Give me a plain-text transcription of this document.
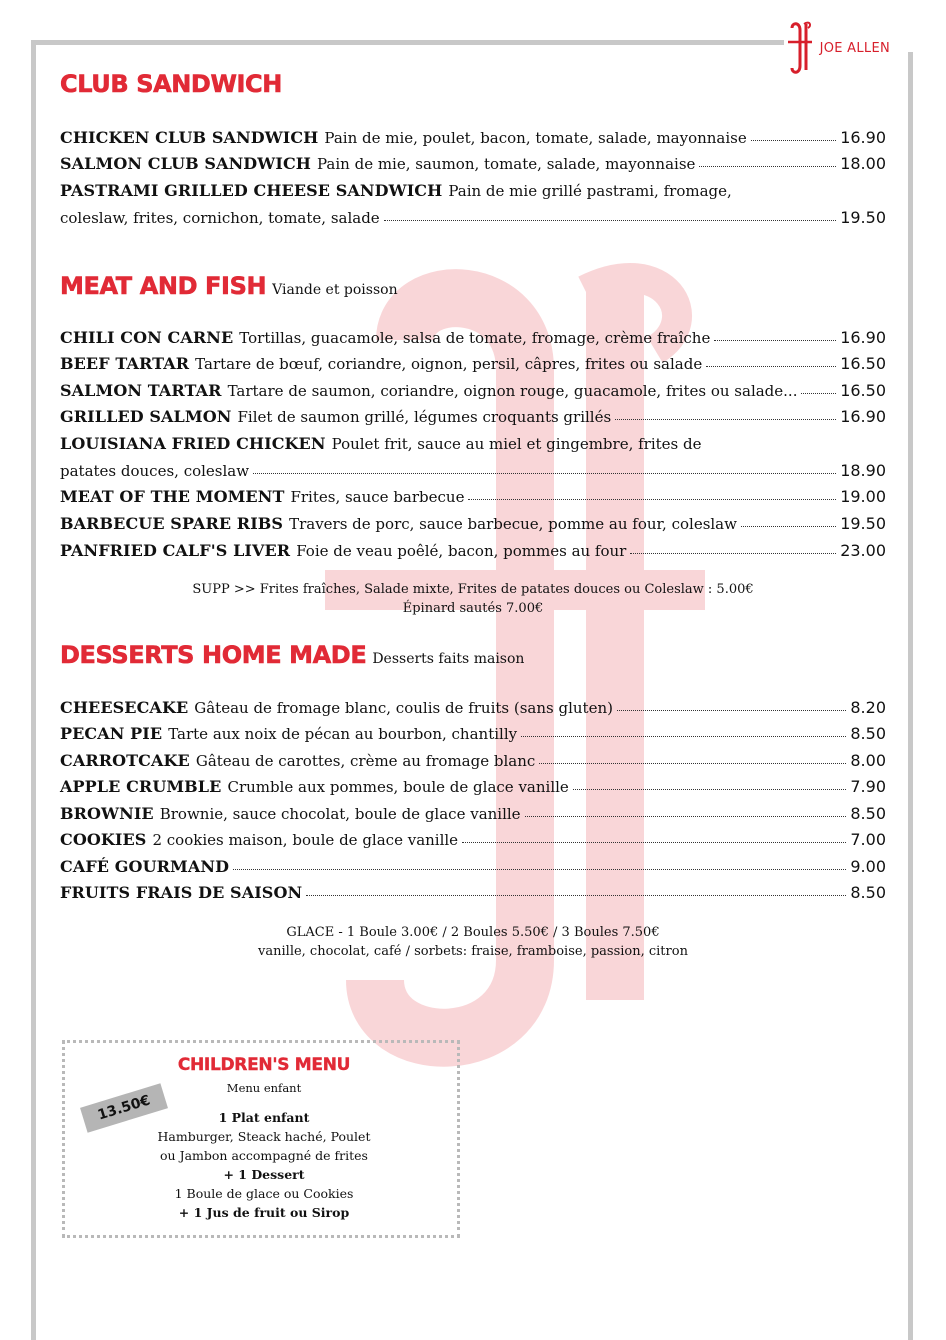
JOE ALLEN
CLUB SANDWICH
CHICKEN CLUB SANDWICH Pain de mie, poulet, bacon, tomate, salade, mayonnaise	16.90
SALMON CLUB SANDWICH Pain de mie, saumon, tomate, salade, mayonnaise	18.00
PASTRAMI GRILLED CHEESE SANDWICH Pain de mie grillé pastrami, fromage,
coleslaw, frites, cornichon, tomate, salade	19.50
MEAT AND FISH Viande et poisson
CHILI CON CARNE Tortillas, guacamole, salsa de tomate, fromage, crème fraîche	16.90
BEEF TARTAR Tartare de bœuf, coriandre, oignon, persil, câpres, frites ou salade	16.50
SALMON TARTAR Tartare de saumon, coriandre, oignon rouge, guacamole, frites ou salade...	16.50
GRILLED SALMON Filet de saumon grillé, légumes croquants grillés	16.90
LOUISIANA FRIED CHICKEN Poulet frit, sauce au miel et gingembre, frites de
patates douces, coleslaw	18.90
MEAT OF THE MOMENT Frites, sauce barbecue	19.00
BARBECUE SPARE RIBS Travers de porc, sauce barbecue, pomme au four, coleslaw	19.50
PANFRIED CALF'S LIVER Foie de veau poêlé, bacon, pommes au four	23.00
SUPP >> Frites fraîches, Salade mixte, Frites de patates douces ou Coleslaw : 5.00€
Épinard sautés 7.00€
DESSERTS HOME MADE Desserts faits maison
CHEESECAKE Gâteau de fromage blanc, coulis de fruits (sans gluten)	8.20
PECAN PIE Tarte aux noix de pécan au bourbon, chantilly	8.50
CARROTCAKE Gâteau de carottes, crème au fromage blanc	8.00
APPLE CRUMBLE Crumble aux pommes, boule de glace vanille	7.90
BROWNIE Brownie, sauce chocolat, boule de glace vanille	8.50
COOKIES 2 cookies maison, boule de glace vanille	7.00
CAFÉ GOURMAND	9.00
FRUITS FRAIS DE SAISON	8.50
GLACE - 1 Boule 3.00€ / 2 Boules 5.50€ / 3 Boules 7.50€
vanille, chocolat, café / sorbets: fraise, framboise, passion, citron
CHILDREN'S MENU
Menu enfant
1 Plat enfant
Hamburger, Steack haché, Poulet
ou Jambon accompagné de frites
+ 1 Dessert
1 Boule de glace ou Cookies
+ 1 Jus de fruit ou Sirop
13.50€
